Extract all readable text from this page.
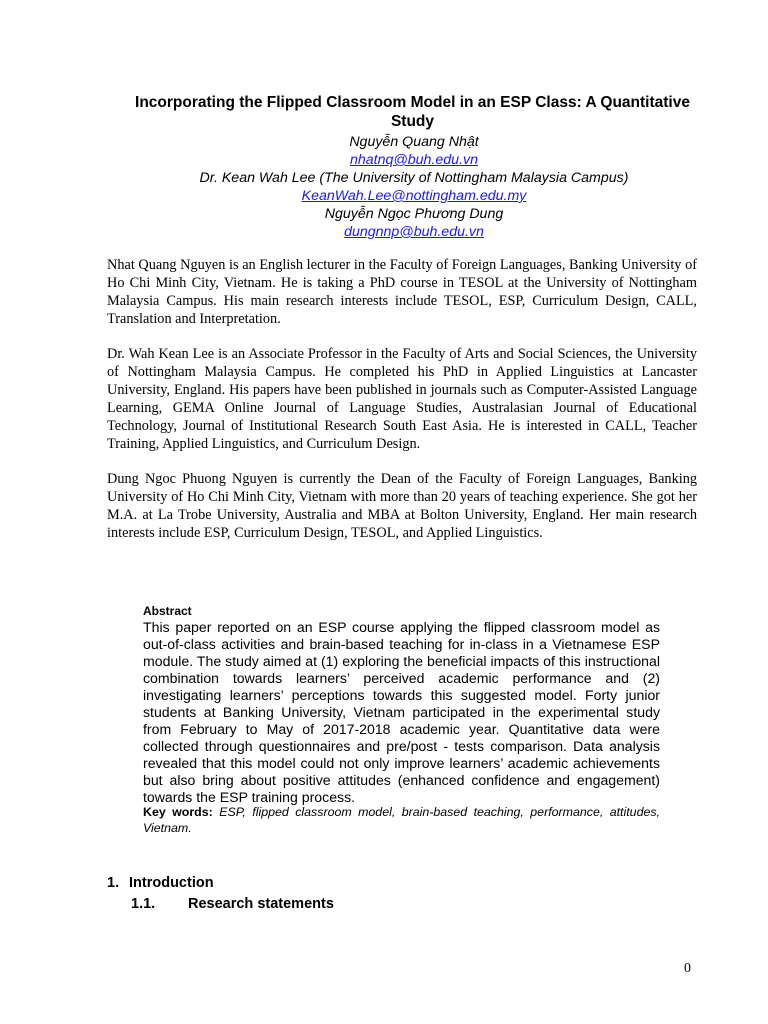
Incorporating the Flipped Classroom Model in an ESP Class: A Quantitative Study
Nguyễn Quang Nhật
nhatnq@buh.edu.vn
Dr. Kean Wah Lee (The University of Nottingham Malaysia Campus)
KeanWah.Lee@nottingham.edu.my
Nguyễn Ngọc Phương Dung
dungnnp@buh.edu.vn

Nhat Quang Nguyen is an English lecturer in the Faculty of Foreign Languages, Banking University of Ho Chi Minh City, Vietnam. He is taking a PhD course in TESOL at the University of Nottingham Malaysia Campus. His main research interests include TESOL, ESP, Curriculum Design, CALL, Translation and Interpretation.

Dr. Wah Kean Lee is an Associate Professor in the Faculty of Arts and Social Sciences, the University of Nottingham Malaysia Campus. He completed his PhD in Applied Linguistics at Lancaster University, England. His papers have been published in journals such as Computer-Assisted Language Learning, GEMA Online Journal of Language Studies, Australasian Journal of Educational Technology, Journal of Institutional Research South East Asia. He is interested in CALL, Teacher Training, Applied Linguistics, and Curriculum Design.

Dung Ngoc Phuong Nguyen is currently the Dean of the Faculty of Foreign Languages, Banking University of Ho Chi Minh City, Vietnam with more than 20 years of teaching experience. She got her M.A. at La Trobe University, Australia and MBA at Bolton University, England. Her main research interests include ESP, Curriculum Design, TESOL, and Applied Linguistics.

Abstract

This paper reported on an ESP course applying the flipped classroom model as out-of-class activities and brain-based teaching for in-class in a Vietnamese ESP module. The study aimed at (1) exploring the beneficial impacts of this instructional combination towards learners’ perceived academic performance and (2) investigating learners’ perceptions towards this suggested model. Forty junior students at Banking University, Vietnam participated in the experimental study from February to May of 2017-2018 academic year. Quantitative data were collected through questionnaires and pre/post - tests comparison. Data analysis revealed that this model could not only improve learners’ academic achievements but also bring about positive attitudes (enhanced confidence and engagement) towards the ESP training process.

Key words: ESP, flipped classroom model, brain-based teaching, performance, attitudes, Vietnam.

1. Introduction
1.1. Research statements
0
